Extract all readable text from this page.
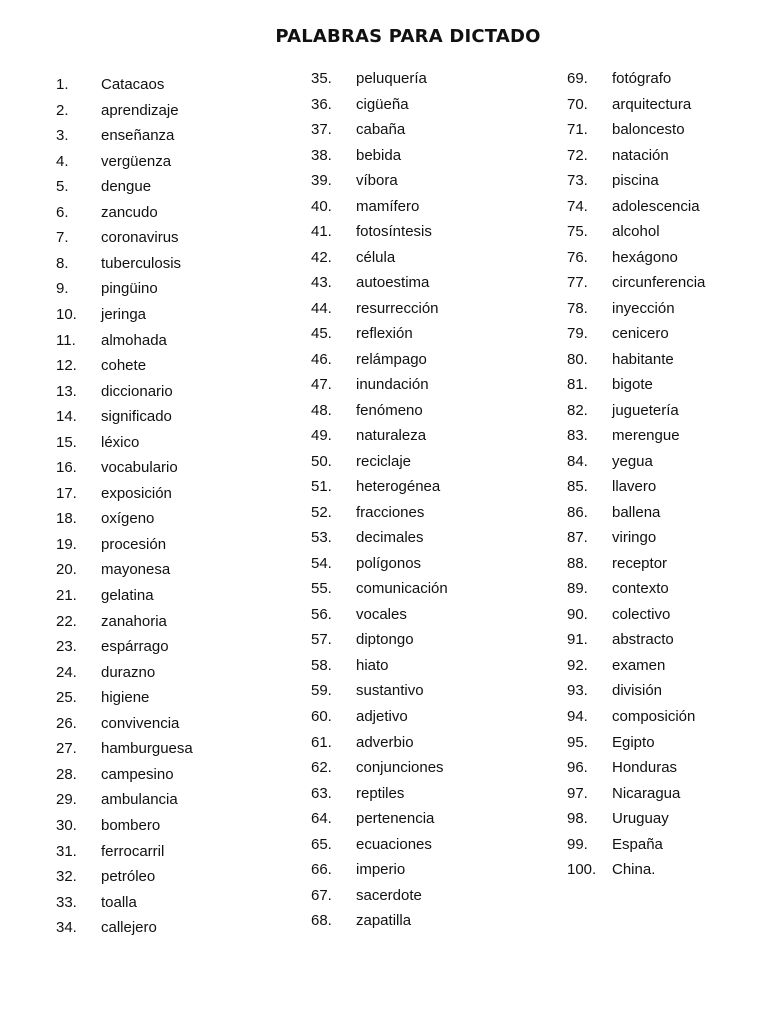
PALABRAS PARA DICTADO
1. Catacaos
2. aprendizaje
3. enseñanza
4. vergüenza
5. dengue
6. zancudo
7. coronavirus
8. tuberculosis
9. pingüino
10. jeringa
11. almohada
12. cohete
13. diccionario
14. significado
15. léxico
16. vocabulario
17. exposición
18. oxígeno
19. procesión
20. mayonesa
21. gelatina
22. zanahoria
23. espárrago
24. durazno
25. higiene
26. convivencia
27. hamburguesa
28. campesino
29. ambulancia
30. bombero
31. ferrocarril
32. petróleo
33. toalla
34. callejero
35. peluquería
36. cigüeña
37. cabaña
38. bebida
39. víbora
40. mamífero
41. fotosíntesis
42. célula
43. autoestima
44. resurrección
45. reflexión
46. relámpago
47. inundación
48. fenómeno
49. naturaleza
50. reciclaje
51. heterogénea
52. fracciones
53. decimales
54. polígonos
55. comunicación
56. vocales
57. diptongo
58. hiato
59. sustantivo
60. adjetivo
61. adverbio
62. conjunciones
63. reptiles
64. pertenencia
65. ecuaciones
66. imperio
67. sacerdote
68. zapatilla
69. fotógrafo
70. arquitectura
71. baloncesto
72. natación
73. piscina
74. adolescencia
75. alcohol
76. hexágono
77. circunferencia
78. inyección
79. cenicero
80. habitante
81. bigote
82. juguetería
83. merengue
84. yegua
85. llavero
86. ballena
87. viringo
88. receptor
89. contexto
90. colectivo
91. abstracto
92. examen
93. división
94. composición
95. Egipto
96. Honduras
97. Nicaragua
98. Uruguay
99. España
100. China.
